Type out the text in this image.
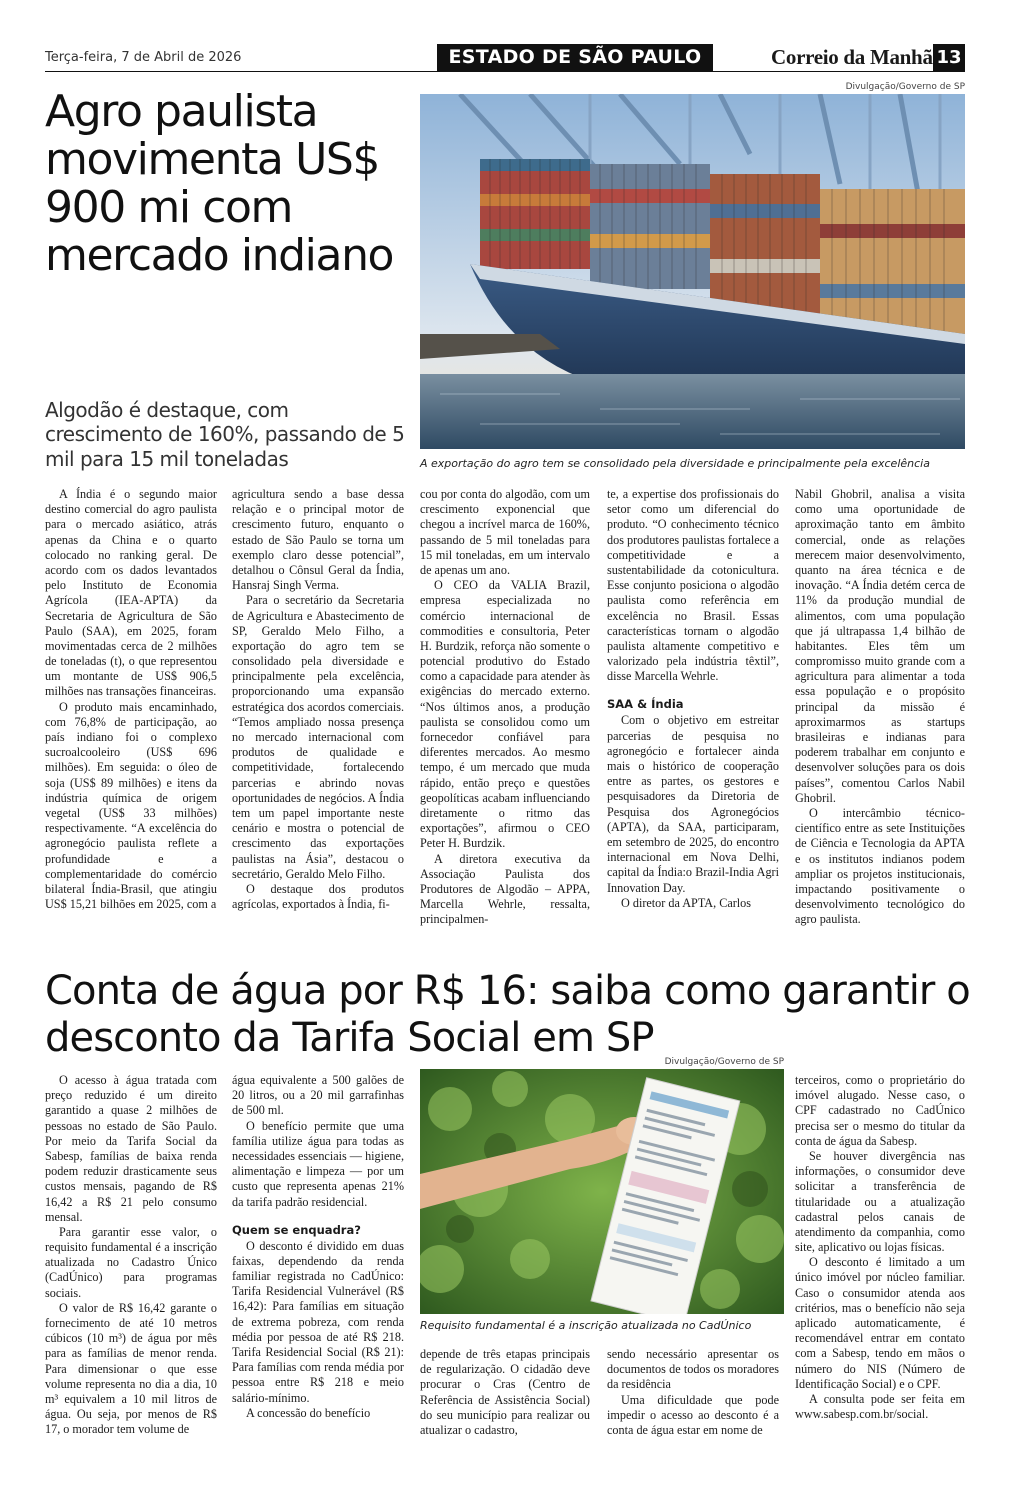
Terça-feira, 7 de Abril de 2026	ESTADO DE SÃO PAULO	Correio da Manhã 13
Agro paulista movimenta US$ 900 mi com mercado indiano
Algodão é destaque, com crescimento de 160%, passando de 5 mil para 15 mil toneladas
Divulgação/Governo de SP
A exportação do agro tem se consolidado pela diversidade e principalmente pela excelência

A Índia é o segundo maior destino comercial do agro paulista para o mercado asiático, atrás apenas da China e o quarto colocado no ranking geral. De acordo com os dados levantados pelo Instituto de Economia Agrícola (IEA-APTA) da Secretaria de Agricultura de São Paulo (SAA), em 2025, foram movimentadas cerca de 2 milhões de toneladas (t), o que representou um montante de US$ 906,5 milhões nas transações financeiras.

O produto mais encaminhado, com 76,8% de participação, ao país indiano foi o complexo sucroalcooleiro (US$ 696 milhões). Em seguida: o óleo de soja (US$ 89 milhões) e itens da indústria química de origem vegetal (US$ 33 milhões) respectivamente. “A excelência do agronegócio paulista reflete a profundidade e a complementaridade do comércio bilateral Índia-Brasil, que atingiu US$ 15,21 bilhões em 2025, com a

agricultura sendo a base dessa relação e o principal motor de crescimento futuro, enquanto o estado de São Paulo se torna um exemplo claro desse potencial”, detalhou o Cônsul Geral da Índia, Hansraj Singh Verma.

Para o secretário da Secretaria de Agricultura e Abastecimento de SP, Geraldo Melo Filho, a exportação do agro tem se consolidado pela diversidade e principalmente pela excelência, proporcionando uma expansão estratégica dos acordos comerciais. “Temos ampliado nossa presença no mercado internacional com produtos de qualidade e competitividade, fortalecendo parcerias e abrindo novas oportunidades de negócios. A Índia tem um papel importante neste cenário e mostra o potencial de crescimento das exportações paulistas na Ásia”, destacou o secretário, Geraldo Melo Filho.

O destaque dos produtos agrícolas, exportados à Índia, fi-

cou por conta do algodão, com um crescimento exponencial que chegou a incrível marca de 160%, passando de 5 mil toneladas para 15 mil toneladas, em um intervalo de apenas um ano.

O CEO da VALIA Brazil, empresa especializada no comércio internacional de commodities e consultoria, Peter H. Burdzik, reforça não somente o potencial produtivo do Estado como a capacidade para atender às exigências do mercado externo. “Nos últimos anos, a produção paulista se consolidou como um fornecedor confiável para diferentes mercados. Ao mesmo tempo, é um mercado que muda rápido, então preço e questões geopolíticas acabam influenciando diretamente o ritmo das exportações”, afirmou o CEO Peter H. Burdzik.

A diretora executiva da Associação Paulista dos Produtores de Algodão – APPA, Marcella Wehrle, ressalta, principalmen-

te, a expertise dos profissionais do setor como um diferencial do produto. “O conhecimento técnico dos produtores paulistas fortalece a competitividade e a sustentabilidade da cotonicultura. Esse conjunto posiciona o algodão paulista como referência em excelência no Brasil. Essas características tornam o algodão paulista altamente competitivo e valorizado pela indústria têxtil”, disse Marcella Wehrle.

SAA & Índia

Com o objetivo em estreitar parcerias de pesquisa no agronegócio e fortalecer ainda mais o histórico de cooperação entre as partes, os gestores e pesquisadores da Diretoria de Pesquisa dos Agronegócios (APTA), da SAA, participaram, em setembro de 2025, do encontro internacional em Nova Delhi, capital da Índia:o Brazil-India Agri Innovation Day.

O diretor da APTA, Carlos

Nabil Ghobril, analisa a visita como uma oportunidade de aproximação tanto em âmbito comercial, onde as relações merecem maior desenvolvimento, quanto na área técnica e de inovação. “A Índia detém cerca de 11% da produção mundial de alimentos, com uma população que já ultrapassa 1,4 bilhão de habitantes. Eles têm um compromisso muito grande com a agricultura para alimentar a toda essa população e o propósito principal da missão é aproximarmos as startups brasileiras e indianas para poderem trabalhar em conjunto e desenvolver soluções para os dois países”, comentou Carlos Nabil Ghobril.

O intercâmbio técnico-científico entre as sete Instituições de Ciência e Tecnologia da APTA e os institutos indianos podem ampliar os projetos institucionais, impactando positivamente o desenvolvimento tecnológico do agro paulista.

Conta de água por R$ 16: saiba como garantir o desconto da Tarifa Social em SP
Divulgação/Governo de SP
Requisito fundamental é a inscrição atualizada no CadÚnico

O acesso à água tratada com preço reduzido é um direito garantido a quase 2 milhões de pessoas no estado de São Paulo. Por meio da Tarifa Social da Sabesp, famílias de baixa renda podem reduzir drasticamente seus custos mensais, pagando de R$ 16,42 a R$ 21 pelo consumo mensal.

Para garantir esse valor, o requisito fundamental é a inscrição atualizada no Cadastro Único (CadÚnico) para programas sociais.

O valor de R$ 16,42 garante o fornecimento de até 10 metros cúbicos (10 m³) de água por mês para as famílias de menor renda. Para dimensionar o que esse volume representa no dia a dia, 10 m³ equivalem a 10 mil litros de água. Ou seja, por menos de R$ 17, o morador tem volume de

água equivalente a 500 galões de 20 litros, ou a 20 mil garrafinhas de 500 ml.

O benefício permite que uma família utilize água para todas as necessidades essenciais — higiene, alimentação e limpeza — por um custo que representa apenas 21% da tarifa padrão residencial.

Quem se enquadra?

O desconto é dividido em duas faixas, dependendo da renda familiar registrada no CadÚnico: Tarifa Residencial Vulnerável (R$ 16,42): Para famílias em situação de extrema pobreza, com renda média por pessoa de até R$ 218. Tarifa Residencial Social (R$ 21): Para famílias com renda média por pessoa entre R$ 218 e meio salário-mínimo.

A concessão do benefício

depende de três etapas principais de regularização. O cidadão deve procurar o Cras (Centro de Referência de Assistência Social) do seu município para realizar ou atualizar o cadastro,

sendo necessário apresentar os documentos de todos os moradores da residência

Uma dificuldade que pode impedir o acesso ao desconto é a conta de água estar em nome de

terceiros, como o proprietário do imóvel alugado. Nesse caso, o CPF cadastrado no CadÚnico precisa ser o mesmo do titular da conta de água da Sabesp.

Se houver divergência nas informações, o consumidor deve solicitar a transferência de titularidade ou a atualização cadastral pelos canais de atendimento da companhia, como site, aplicativo ou lojas físicas.

O desconto é limitado a um único imóvel por núcleo familiar. Caso o consumidor atenda aos critérios, mas o benefício não seja aplicado automaticamente, é recomendável entrar em contato com a Sabesp, tendo em mãos o número do NIS (Número de Identificação Social) e o CPF.

A consulta pode ser feita em www.sabesp.com.br/social.
